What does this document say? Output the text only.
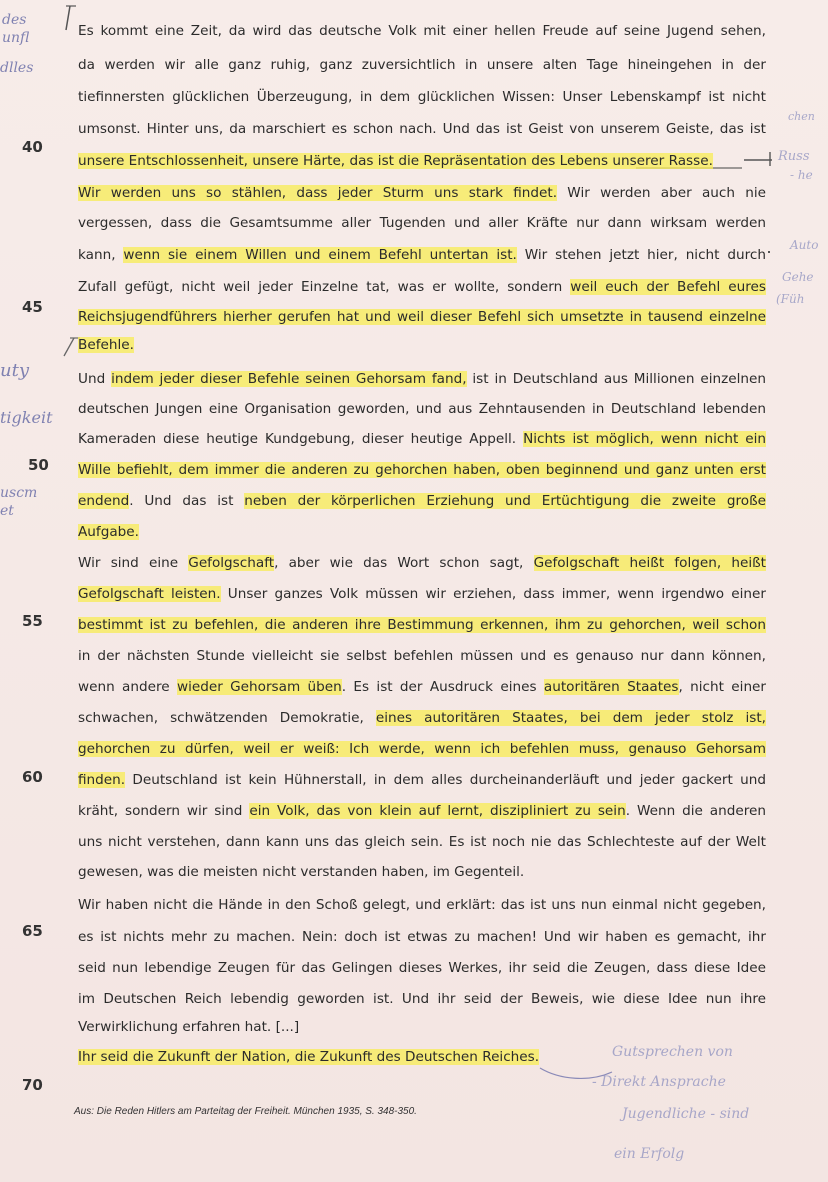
des
unfl
dlles
uty
tigkeit
uscm
et
chen
Russ
- he
Auto
Gehe
(Füh
Gutsprechen von
- Direkt Ansprache
Jugendliche - sind
ein Erfolg
40
45
50
55
60
65
70
Es kommt eine Zeit, da wird das deutsche Volk mit einer hellen Freude auf seine Jugend sehen,
da werden wir alle ganz ruhig, ganz zuversichtlich in unsere alten Tage hineingehen in der
tiefinnersten glücklichen Überzeugung, in dem glücklichen Wissen: Unser Lebenskampf ist nicht
umsonst. Hinter uns, da marschiert es schon nach. Und das ist Geist von unserem Geiste, das ist
unsere Entschlossenheit, unsere Härte, das ist die Repräsentation des Lebens unserer Rasse.
Wir werden uns so stählen, dass jeder Sturm uns stark findet. Wir werden aber auch nie
vergessen, dass die Gesamtsumme aller Tugenden und aller Kräfte nur dann wirksam werden
kann, wenn sie einem Willen und einem Befehl untertan ist. Wir stehen jetzt hier, nicht durch
Zufall gefügt, nicht weil jeder Einzelne tat, was er wollte, sondern weil euch der Befehl eures
Reichsjugendführers hierher gerufen hat und weil dieser Befehl sich umsetzte in tausend einzelne
Befehle.
Und indem jeder dieser Befehle seinen Gehorsam fand, ist in Deutschland aus Millionen einzelnen
deutschen Jungen eine Organisation geworden, und aus Zehntausenden in Deutschland lebenden
Kameraden diese heutige Kundgebung, dieser heutige Appell. Nichts ist möglich, wenn nicht ein
Wille befiehlt, dem immer die anderen zu gehorchen haben, oben beginnend und ganz unten erst
endend. Und das ist neben der körperlichen Erziehung und Ertüchtigung die zweite große
Aufgabe.
Wir sind eine Gefolgschaft, aber wie das Wort schon sagt, Gefolgschaft heißt folgen, heißt
Gefolgschaft leisten. Unser ganzes Volk müssen wir erziehen, dass immer, wenn irgendwo einer
bestimmt ist zu befehlen, die anderen ihre Bestimmung erkennen, ihm zu gehorchen, weil schon
in der nächsten Stunde vielleicht sie selbst befehlen müssen und es genauso nur dann können,
wenn andere wieder Gehorsam üben. Es ist der Ausdruck eines autoritären Staates, nicht einer
schwachen, schwätzenden Demokratie, eines autoritären Staates, bei dem jeder stolz ist,
gehorchen zu dürfen, weil er weiß: Ich werde, wenn ich befehlen muss, genauso Gehorsam
finden. Deutschland ist kein Hühnerstall, in dem alles durcheinanderläuft und jeder gackert und
kräht, sondern wir sind ein Volk, das von klein auf lernt, diszipliniert zu sein. Wenn die anderen
uns nicht verstehen, dann kann uns das gleich sein. Es ist noch nie das Schlechteste auf der Welt
gewesen, was die meisten nicht verstanden haben, im Gegenteil.
Wir haben nicht die Hände in den Schoß gelegt, und erklärt: das ist uns nun einmal nicht gegeben,
es ist nichts mehr zu machen. Nein: doch ist etwas zu machen! Und wir haben es gemacht, ihr
seid nun lebendige Zeugen für das Gelingen dieses Werkes, ihr seid die Zeugen, dass diese Idee
im Deutschen Reich lebendig geworden ist. Und ihr seid der Beweis, wie diese Idee nun ihre
Verwirklichung erfahren hat. [...]
Ihr seid die Zukunft der Nation, die Zukunft des Deutschen Reiches.
Aus: Die Reden Hitlers am Parteitag der Freiheit. München 1935, S. 348-350.
